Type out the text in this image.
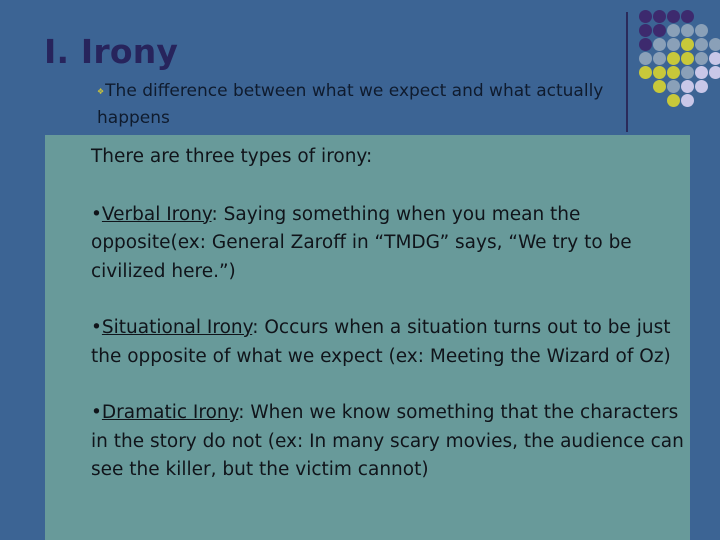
I. Irony
❖The difference between what we expect and what actually happens

There are three types of irony:

•Verbal Irony: Saying something when you mean the opposite(ex: General Zaroff in “TMDG” says, “We try to be civilized here.”)

•Situational Irony: Occurs when a situation turns out to be just the opposite of what we expect (ex: Meeting the Wizard of Oz)

•Dramatic Irony: When we know something that the characters in the story do not (ex: In many scary movies, the audience can see the killer, but the victim cannot)
